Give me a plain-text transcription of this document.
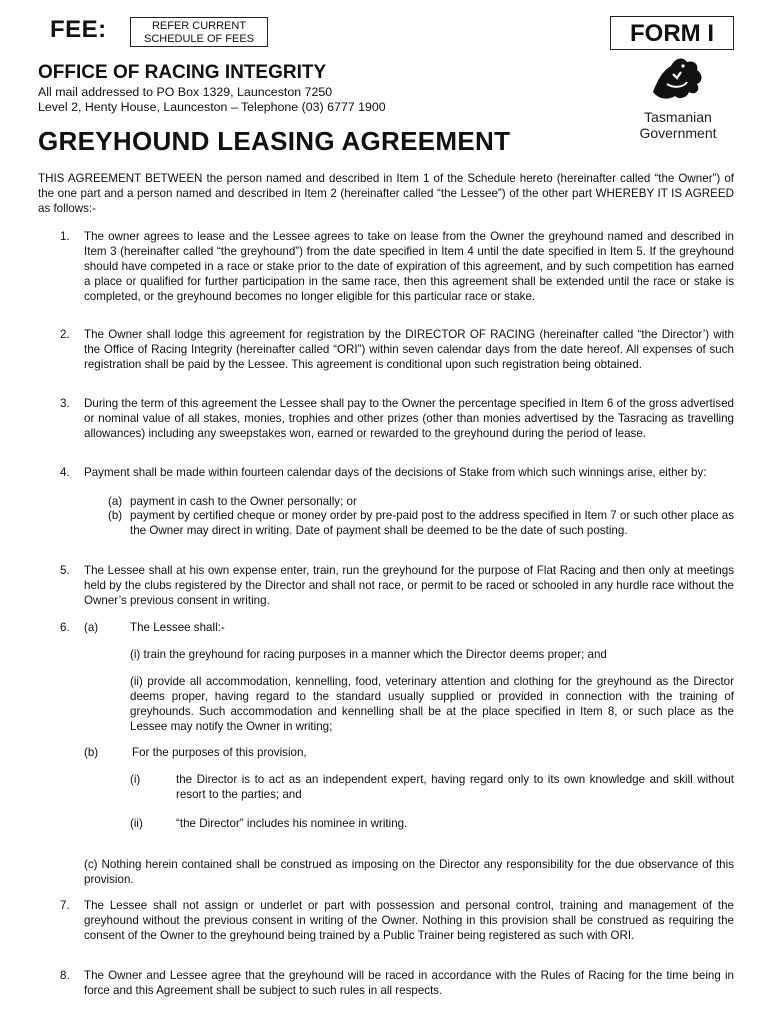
FEE:	REFER CURRENT
SCHEDULE OF FEES	FORM I
OFFICE OF RACING INTEGRITY
All mail addressed to PO Box 1329, Launceston 7250
Level 2, Henty House, Launceston – Telephone (03) 6777 1900
Tasmanian
Government
GREYHOUND LEASING AGREEMENT
THIS AGREEMENT BETWEEN the person named and described in Item 1 of the Schedule hereto (hereinafter called “the Owner”) of the one part and a person named and described in Item 2 (hereinafter called “the Lessee”) of the other part WHEREBY IT IS AGREED as follows:-
1. The owner agrees to lease and the Lessee agrees to take on lease from the Owner the greyhound named and described in Item 3 (hereinafter called “the greyhound”) from the date specified in Item 4 until the date specified in Item 5. If the greyhound should have competed in a race or stake prior to the date of expiration of this agreement, and by such competition has earned a place or qualified for further participation in the same race, then this agreement shall be extended until the race or stake is completed, or the greyhound becomes no longer eligible for this particular race or stake.
2. The Owner shall lodge this agreement for registration by the DIRECTOR OF RACING (hereinafter called “the Director’) with the Office of Racing Integrity (hereinafter called “ORI”) within seven calendar days from the date hereof. All expenses of such registration shall be paid by the Lessee. This agreement is conditional upon such registration being obtained.
3. During the term of this agreement the Lessee shall pay to the Owner the percentage specified in Item 6 of the gross advertised or nominal value of all stakes, monies, trophies and other prizes (other than monies advertised by the Tasracing as travelling allowances) including any sweepstakes won, earned or rewarded to the greyhound during the period of lease.
4. Payment shall be made within fourteen calendar days of the decisions of Stake from which such winnings arise, either by:
(a) payment in cash to the Owner personally; or
(b) payment by certified cheque or money order by pre-paid post to the address specified in Item 7 or such other place as the Owner may direct in writing. Date of payment shall be deemed to be the date of such posting.
5. The Lessee shall at his own expense enter, train, run the greyhound for the purpose of Flat Racing and then only at meetings held by the clubs registered by the Director and shall not race, or permit to be raced or schooled in any hurdle race without the Owner’s previous consent in writing.
6. (a)	The Lessee shall:-
(i) train the greyhound for racing purposes in a manner which the Director deems proper; and
(ii) provide all accommodation, kennelling, food, veterinary attention and clothing for the greyhound as the Director deems proper, having regard to the standard usually supplied or provided in connection with the training of greyhounds. Such accommodation and kennelling shall be at the place specified in Item 8, or such place as the Lessee may notify the Owner in writing;
(b)	For the purposes of this provision,
(i)	the Director is to act as an independent expert, having regard only to its own knowledge and skill without resort to the parties; and
(ii)	“the Director” includes his nominee in writing.
(c) Nothing herein contained shall be construed as imposing on the Director any responsibility for the due observance of this provision.
7. The Lessee shall not assign or underlet or part with possession and personal control, training and management of the greyhound without the previous consent in writing of the Owner. Nothing in this provision shall be construed as requiring the consent of the Owner to the greyhound being trained by a Public Trainer being registered as such with ORI.
8. The Owner and Lessee agree that the greyhound will be raced in accordance with the Rules of Racing for the time being in force and this Agreement shall be subject to such rules in all respects.
